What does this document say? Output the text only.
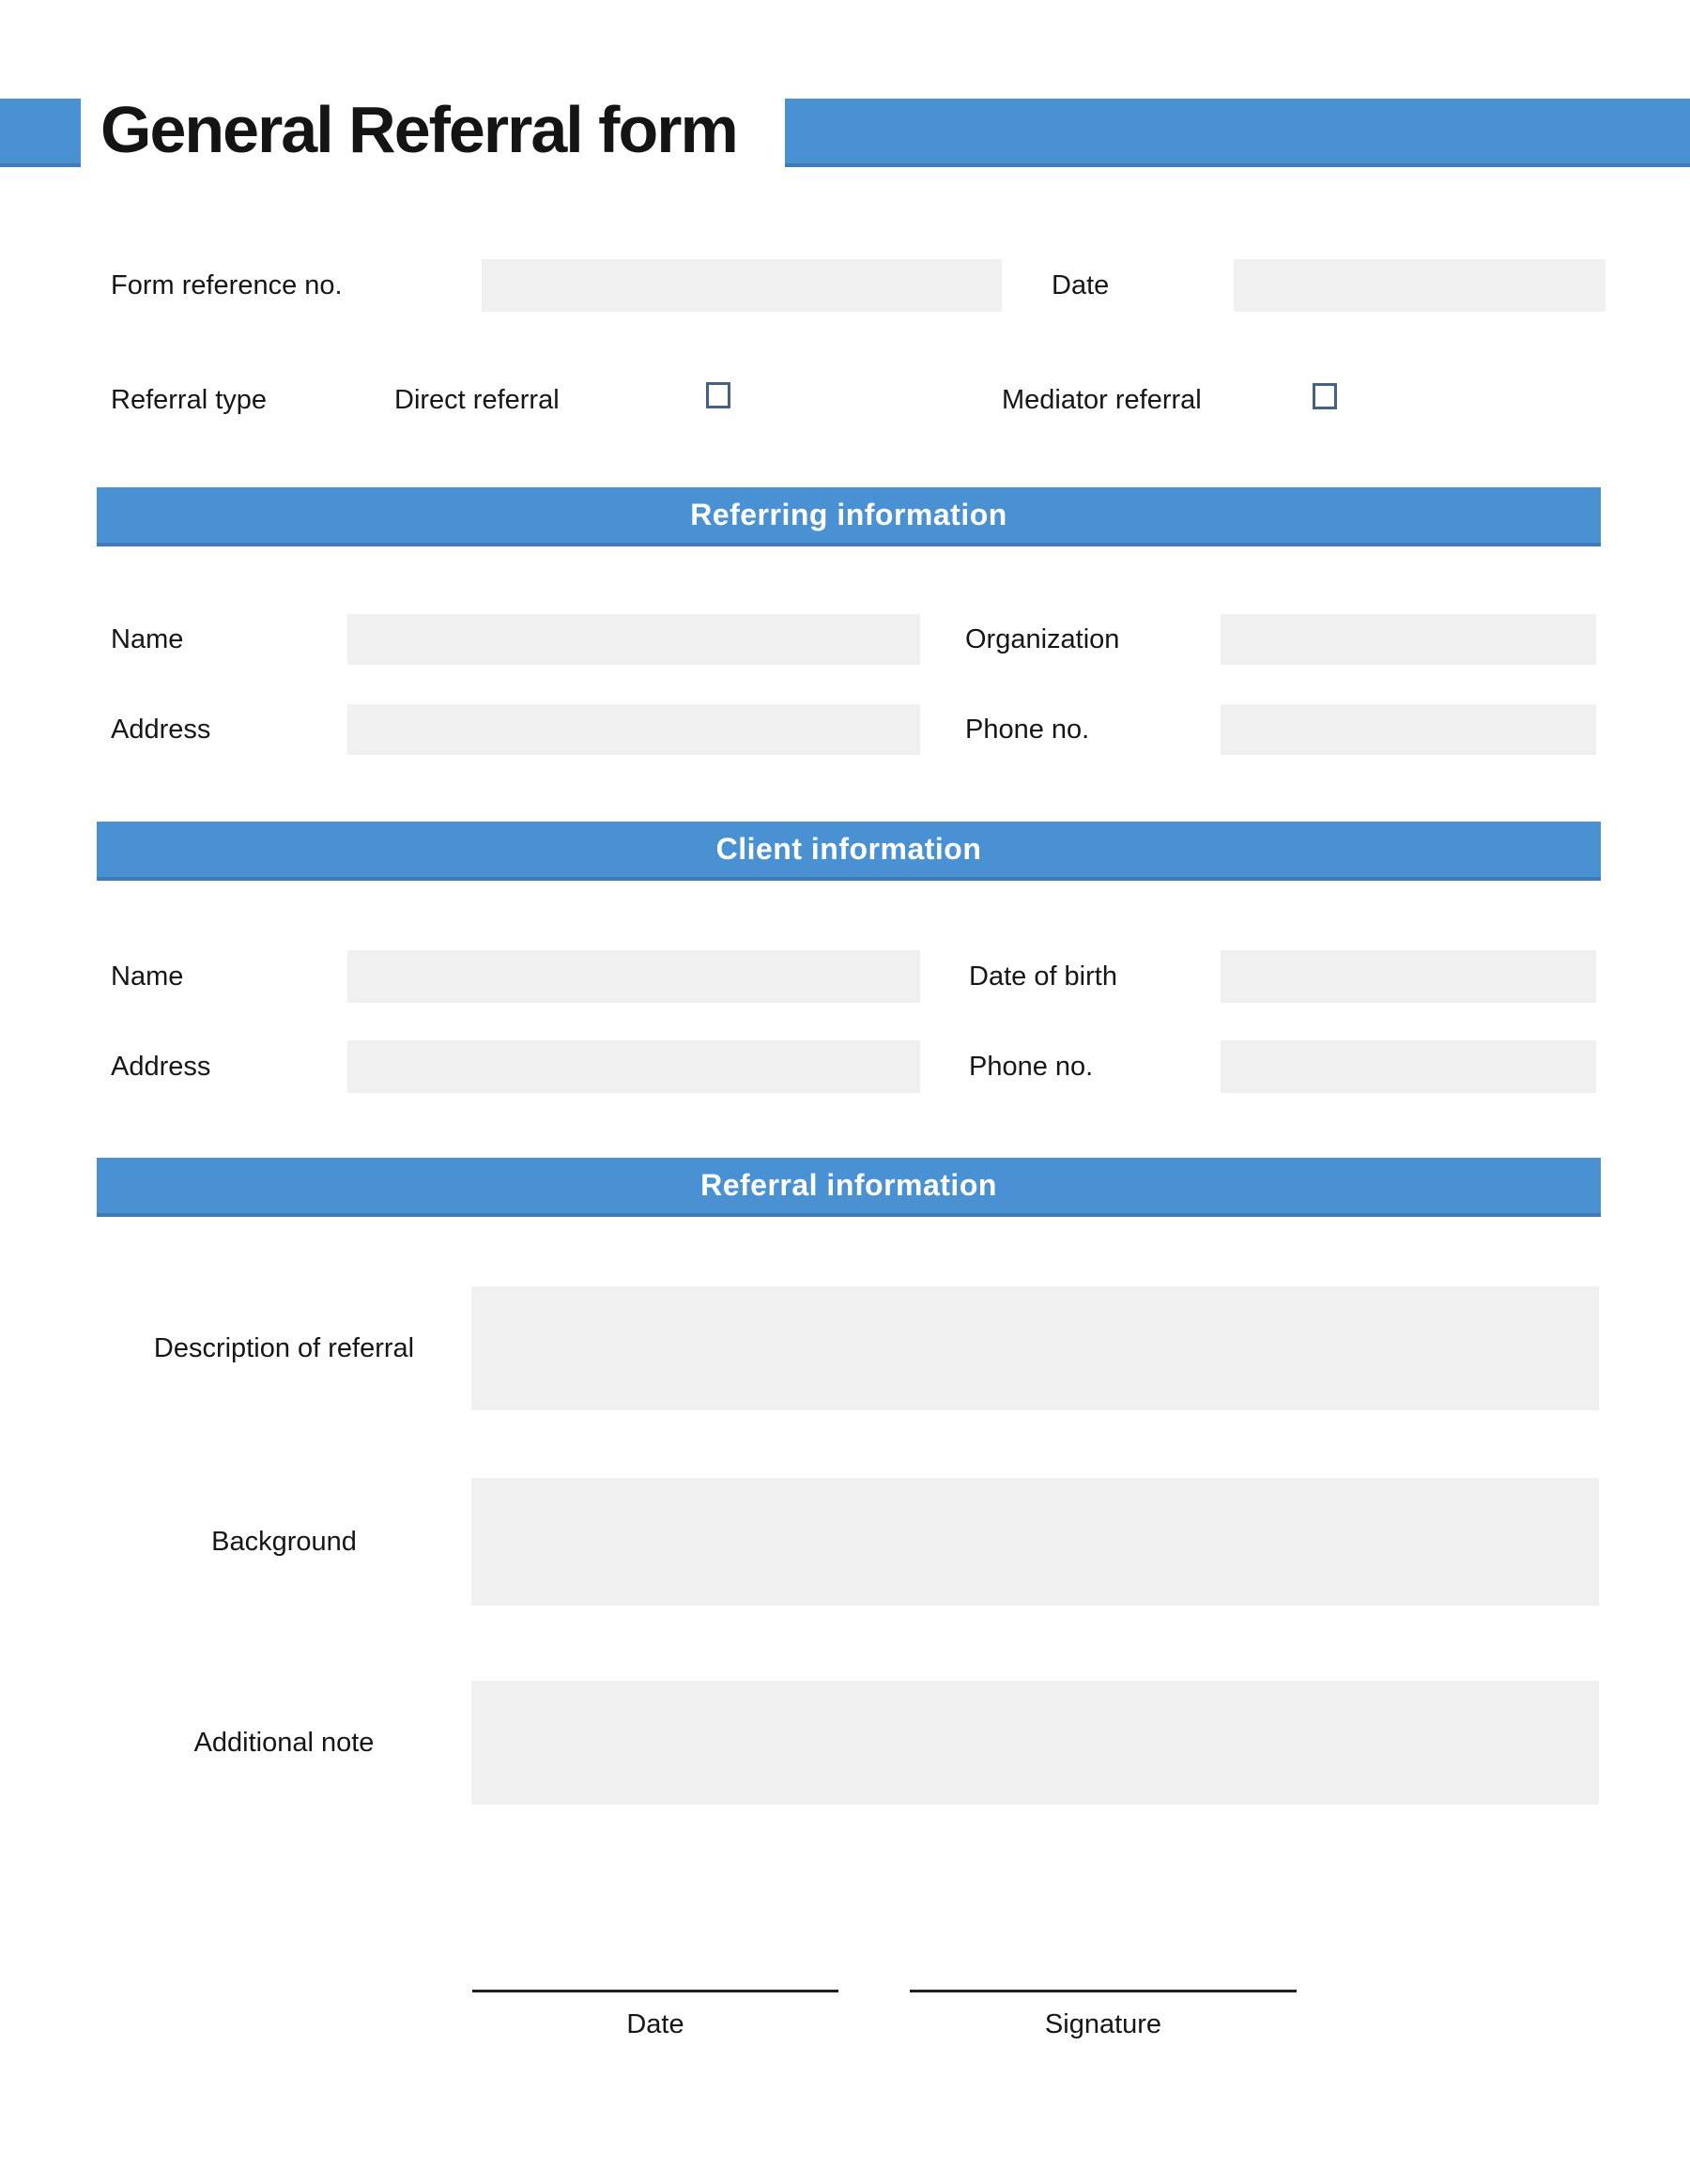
General Referral form
Form reference no.	Date
Referral type	Direct referral	Mediator referral
Referring information
Name	Organization
Address	Phone no.
Client information
Name	Date of birth
Address	Phone no.
Referral information
Description of referral
Background
Additional note
Date	Signature
